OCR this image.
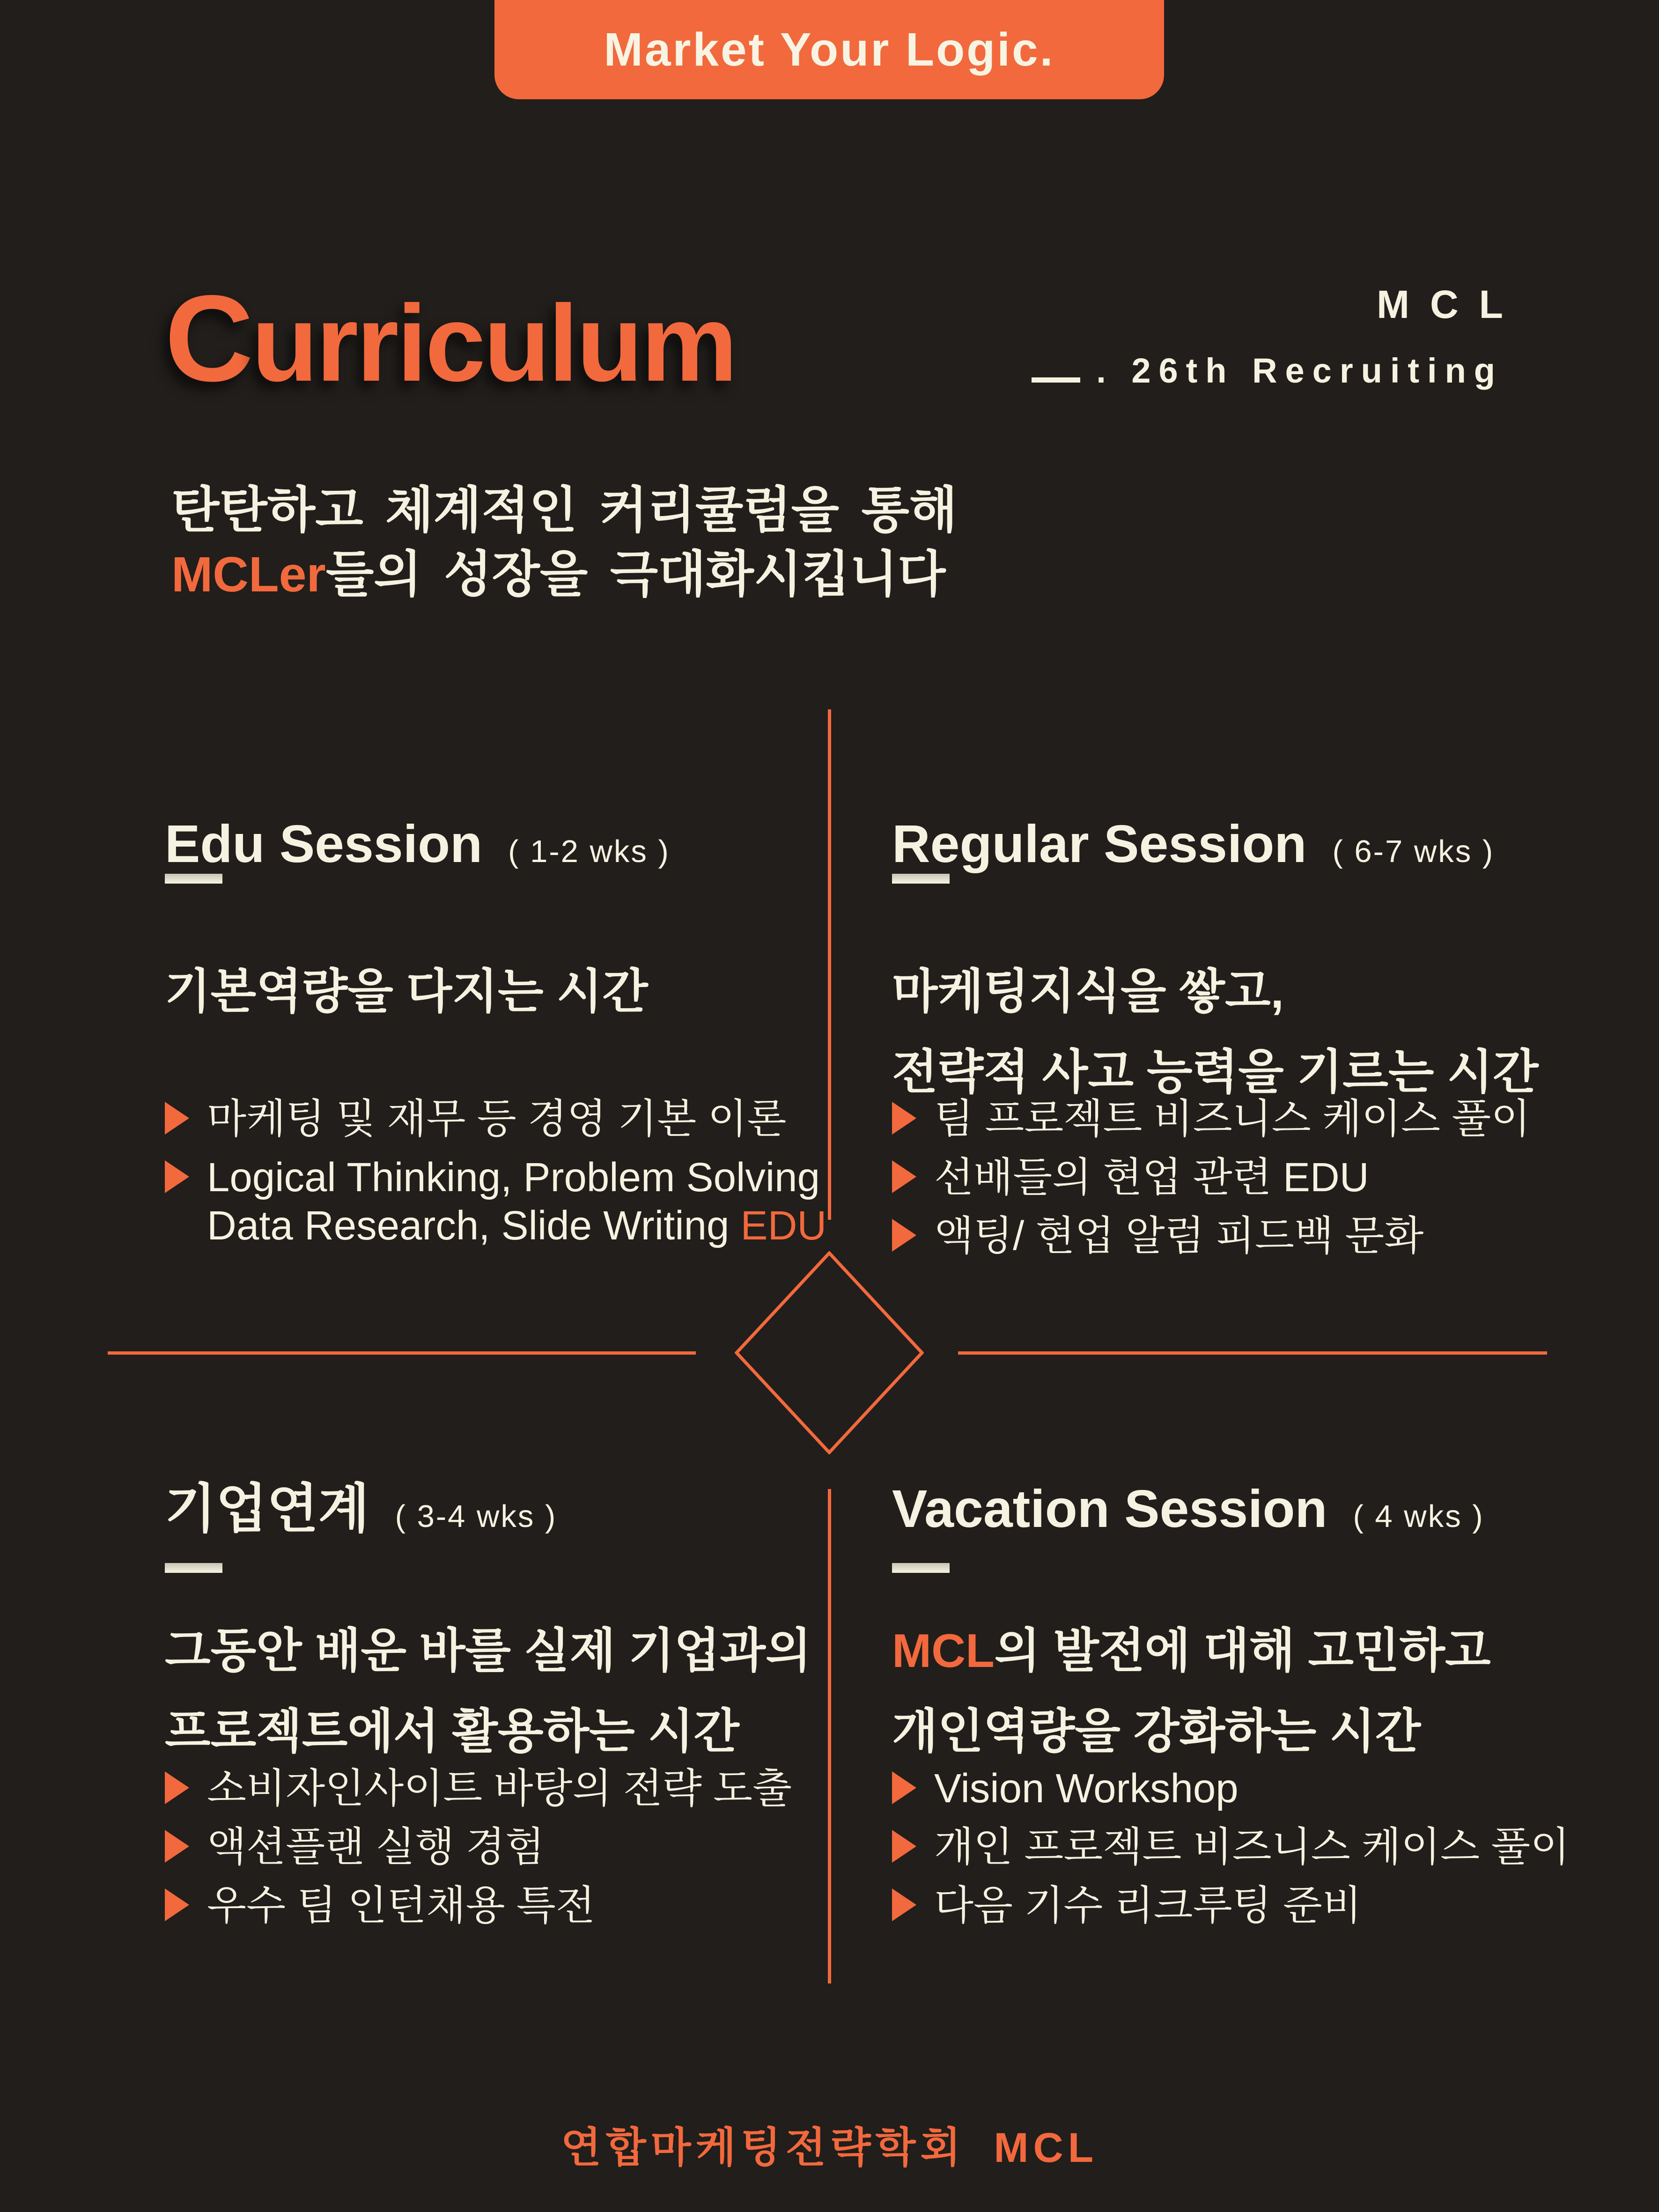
Market Your Logic.
Curriculum	MCL
. 26th Recruiting
탄탄하고 체계적인 커리큘럼을 통해
MCLer들의 성장을 극대화시킵니다
Edu Session ( 1-2 wks )
기본역량을 다지는 시간
마케팅 및 재무 등 경영 기본 이론
Logical Thinking, Problem Solving
Data Research, Slide Writing EDU
Regular Session ( 6-7 wks )
마케팅지식을 쌓고,
전략적 사고 능력을 기르는 시간
팀 프로젝트 비즈니스 케이스 풀이
선배들의 현업 관련 EDU
액팅/ 현업 알럼 피드백 문화
기업연계 ( 3-4 wks )
그동안 배운 바를 실제 기업과의
프로젝트에서 활용하는 시간
소비자인사이트 바탕의 전략 도출
액션플랜 실행 경험
우수 팀 인턴채용 특전
Vacation Session ( 4 wks )
MCL의 발전에 대해 고민하고
개인역량을 강화하는 시간
Vision Workshop
개인 프로젝트 비즈니스 케이스 풀이
다음 기수 리크루팅 준비
연합마케팅전략학회 MCL
